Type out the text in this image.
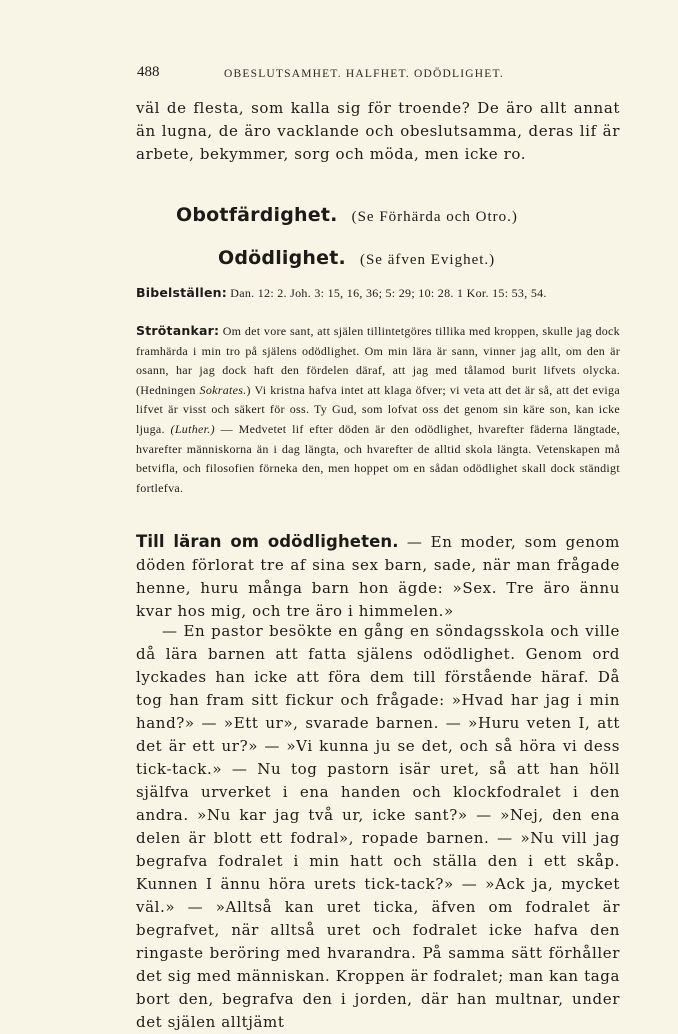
488	OBESLUTSAMHET. HALFHET. ODÖDLIGHET.
väl de flesta, som kalla sig för troende? De äro allt annat än lugna, de äro vacklande och obeslutsamma, deras lif är arbete, bekymmer, sorg och möda, men icke ro.
Obotfärdighet. (Se Förhärda och Otro.)
Odödlighet. (Se äfven Evighet.)
Bibelställen: Dan. 12: 2. Joh. 3: 15, 16, 36; 5: 29; 10: 28. 1 Kor. 15: 53, 54.
Strötankar: Om det vore sant, att själen tillintetgöres tillika med kroppen, skulle jag dock framhärda i min tro på själens odödlighet. Om min lära är sann, vinner jag allt, om den är osann, har jag dock haft den fördelen däraf, att jag med tålamod burit lifvets olycka. (Hedningen Sokrates.) Vi kristna hafva intet att klaga öfver; vi veta att det är så, att det eviga lifvet är visst och säkert för oss. Ty Gud, som lofvat oss det genom sin käre son, kan icke ljuga. (Luther.) — Medvetet lif efter döden är den odödlighet, hvarefter fäderna längtade, hvarefter människorna än i dag längta, och hvarefter de alltid skola längta. Vetenskapen må betvifla, och filosofien förneka den, men hoppet om en sådan odödlighet skall dock ständigt fortlefva.
Till läran om odödligheten. — En moder, som genom döden förlorat tre af sina sex barn, sade, när man frågade henne, huru många barn hon ägde: »Sex. Tre äro ännu kvar hos mig, och tre äro i himmelen.»
— En pastor besökte en gång en söndagsskola och ville då lära barnen att fatta själens odödlighet. Genom ord lyckades han icke att föra dem till förstående häraf. Då tog han fram sitt fickur och frågade: »Hvad har jag i min hand?» — »Ett ur», svarade barnen. — »Huru veten I, att det är ett ur?» — »Vi kunna ju se det, och så höra vi dess tick-tack.» — Nu tog pastorn isär uret, så att han höll själfva urverket i ena handen och klockfodralet i den andra. »Nu kar jag två ur, icke sant?» — »Nej, den ena delen är blott ett fodral», ropade barnen. — »Nu vill jag begrafva fodralet i min hatt och ställa den i ett skåp. Kunnen I ännu höra urets tick-tack?» — »Ack ja, mycket väl.» — »Alltså kan uret ticka, äfven om fodralet är begrafvet, när alltså uret och fodralet icke hafva den ringaste beröring med hvarandra. På samma sätt förhåller det sig med människan. Kroppen är fodralet; man kan taga bort den, begrafva den i jorden, där han multnar, under det själen alltjämt
